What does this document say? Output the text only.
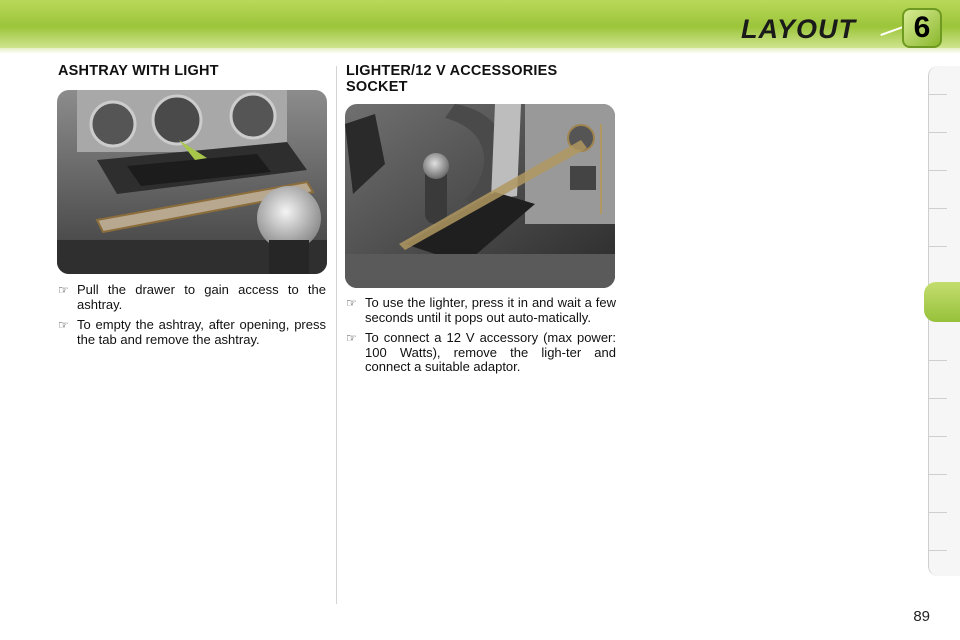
LAYOUT	6
ASHTRAY WITH LIGHT
☞ Pull the drawer to gain access to the ashtray.
☞ To empty the ashtray, after opening, press the tab and remove the ashtray.
LIGHTER/12 V ACCESSORIES SOCKET
☞ To use the lighter, press it in and wait a few seconds until it pops out auto-matically.
☞ To connect a 12 V accessory (max power: 100 Watts), remove the ligh-ter and connect a suitable adaptor.
89
